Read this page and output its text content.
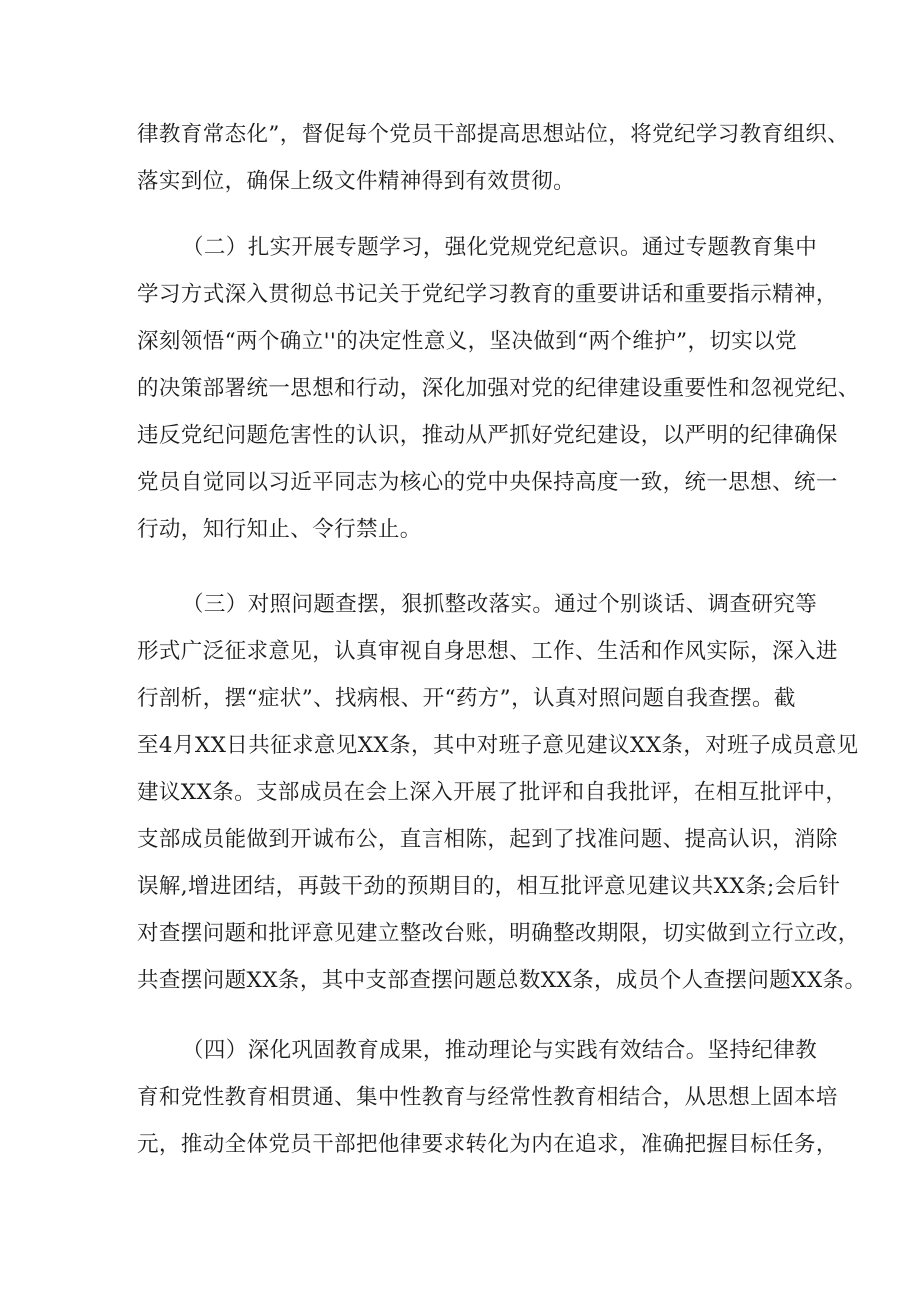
律教育常态化”，督促每个党员干部提高思想站位，将党纪学习教育组织、
落实到位，确保上级文件精神得到有效贯彻。
（二）扎实开展专题学习，强化党规党纪意识。通过专题教育集中
学习方式深入贯彻总书记关于党纪学习教育的重要讲话和重要指示精神，
深刻领悟“两个确立''的决定性意义，坚决做到“两个维护”，切实以党
的决策部署统一思想和行动，深化加强对党的纪律建设重要性和忽视党纪、
违反党纪问题危害性的认识，推动从严抓好党纪建设，以严明的纪律确保
党员自觉同以习近平同志为核心的党中央保持高度一致，统一思想、统一
行动，知行知止、令行禁止。
（三）对照问题查摆，狠抓整改落实。通过个别谈话、调查研究等
形式广泛征求意见，认真审视自身思想、工作、生活和作风实际，深入进
行剖析，摆“症状”、找病根、开“药方”，认真对照问题自我查摆。截
至4月XX日共征求意见XX条，其中对班子意见建议XX条，对班子成员意见
建议XX条。支部成员在会上深入开展了批评和自我批评，在相互批评中，
支部成员能做到开诚布公，直言相陈，起到了找准问题、提高认识，消除
误解,增进团结，再鼓干劲的预期目的，相互批评意见建议共XX条;会后针
对查摆问题和批评意见建立整改台账，明确整改期限，切实做到立行立改，
共查摆问题XX条，其中支部查摆问题总数XX条，成员个人查摆问题XX条。
（四）深化巩固教育成果，推动理论与实践有效结合。坚持纪律教
育和党性教育相贯通、集中性教育与经常性教育相结合，从思想上固本培
元，推动全体党员干部把他律要求转化为内在追求，准确把握目标任务，
